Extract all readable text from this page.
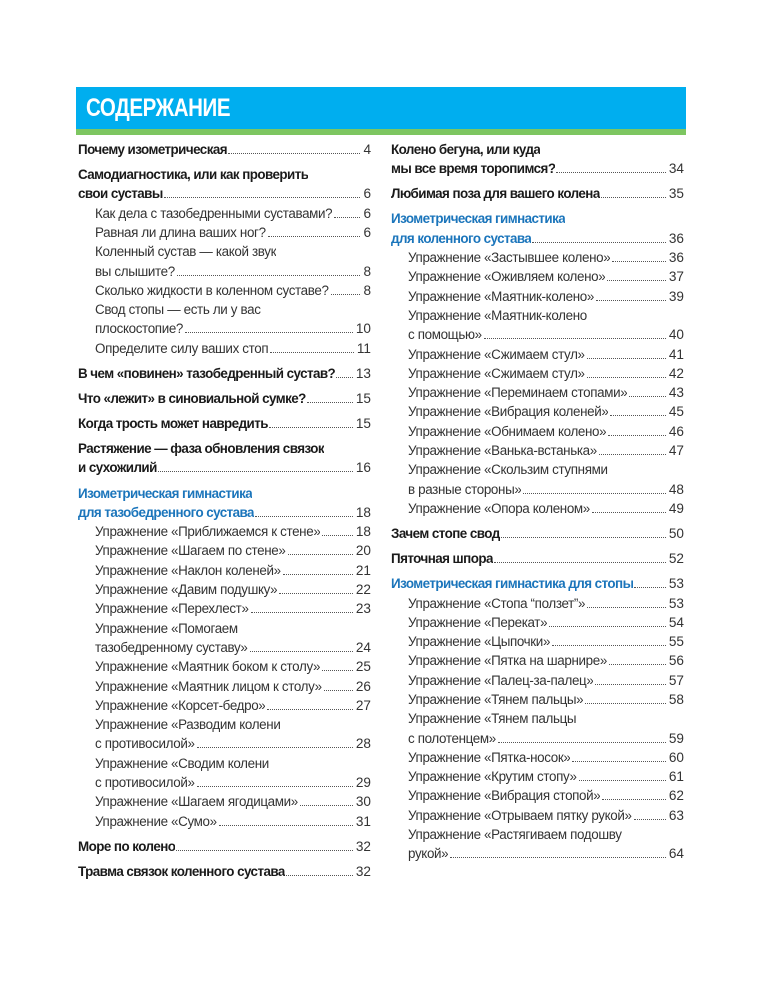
СОДЕРЖАНИЕ
Почему изометрическая	4
Самодиагностика, или как проверить
свои суставы	6
Как дела с тазобедренными суставами? 6
Равная ли длина ваших ног?	6
Коленный сустав — какой звук
вы слышите?	8
Сколько жидкости в коленном суставе?	8
Свод стопы — есть ли у вас
плоскостопие?	10
Определите силу ваших стоп	11
В чем «повинен» тазобедренный сустав? 13
Что «лежит» в синовиальной сумке?	15
Когда трость может навредить	15
Растяжение — фаза обновления связок
и сухожилий	16
Изометрическая гимнастика
для тазобедренного сустава	18
Упражнение «Приближаемся к стене»	18
Упражнение «Шагаем по стене»	20
Упражнение «Наклон коленей»	21
Упражнение «Давим подушку»	22
Упражнение «Перехлест»	23
Упражнение «Помогаем
тазобедренному суставу»	24
Упражнение «Маятник боком к столу»	25
Упражнение «Маятник лицом к столу»	26
Упражнение «Корсет-бедро»	27
Упражнение «Разводим колени
с противосилой»	28
Упражнение «Сводим колени
с противосилой»	29
Упражнение «Шагаем ягодицами»	30
Упражнение «Сумо»	31
Море по колено	32
Травма связок коленного сустава	32
Колено бегуна, или куда
мы все время торопимся?	34
Любимая поза для вашего колена	35
Изометрическая гимнастика
для коленного сустава	36
Упражнение «Застывшее колено»	36
Упражнение «Оживляем колено»	37
Упражнение «Маятник-колено»	39
Упражнение «Маятник-колено
с помощью»	40
Упражнение «Сжимаем стул»	41
Упражнение «Сжимаем стул»	42
Упражнение «Переминаем стопами»	43
Упражнение «Вибрация коленей»	45
Упражнение «Обнимаем колено»	46
Упражнение «Ванька-встанька»	47
Упражнение «Скользим ступнями
в разные стороны»	48
Упражнение «Опора коленом»	49
Зачем стопе свод	50
Пяточная шпора	52
Изометрическая гимнастика для стопы	53
Упражнение «Стопа “ползет”»	53
Упражнение «Перекат»	54
Упражнение «Цыпочки»	55
Упражнение «Пятка на шарнире»	56
Упражнение «Палец-за-палец»	57
Упражнение «Тянем пальцы»	58
Упражнение «Тянем пальцы
с полотенцем»	59
Упражнение «Пятка-носок»	60
Упражнение «Крутим стопу»	61
Упражнение «Вибрация стопой»	62
Упражнение «Отрываем пятку рукой»	63
Упражнение «Растягиваем подошву
рукой»	64
